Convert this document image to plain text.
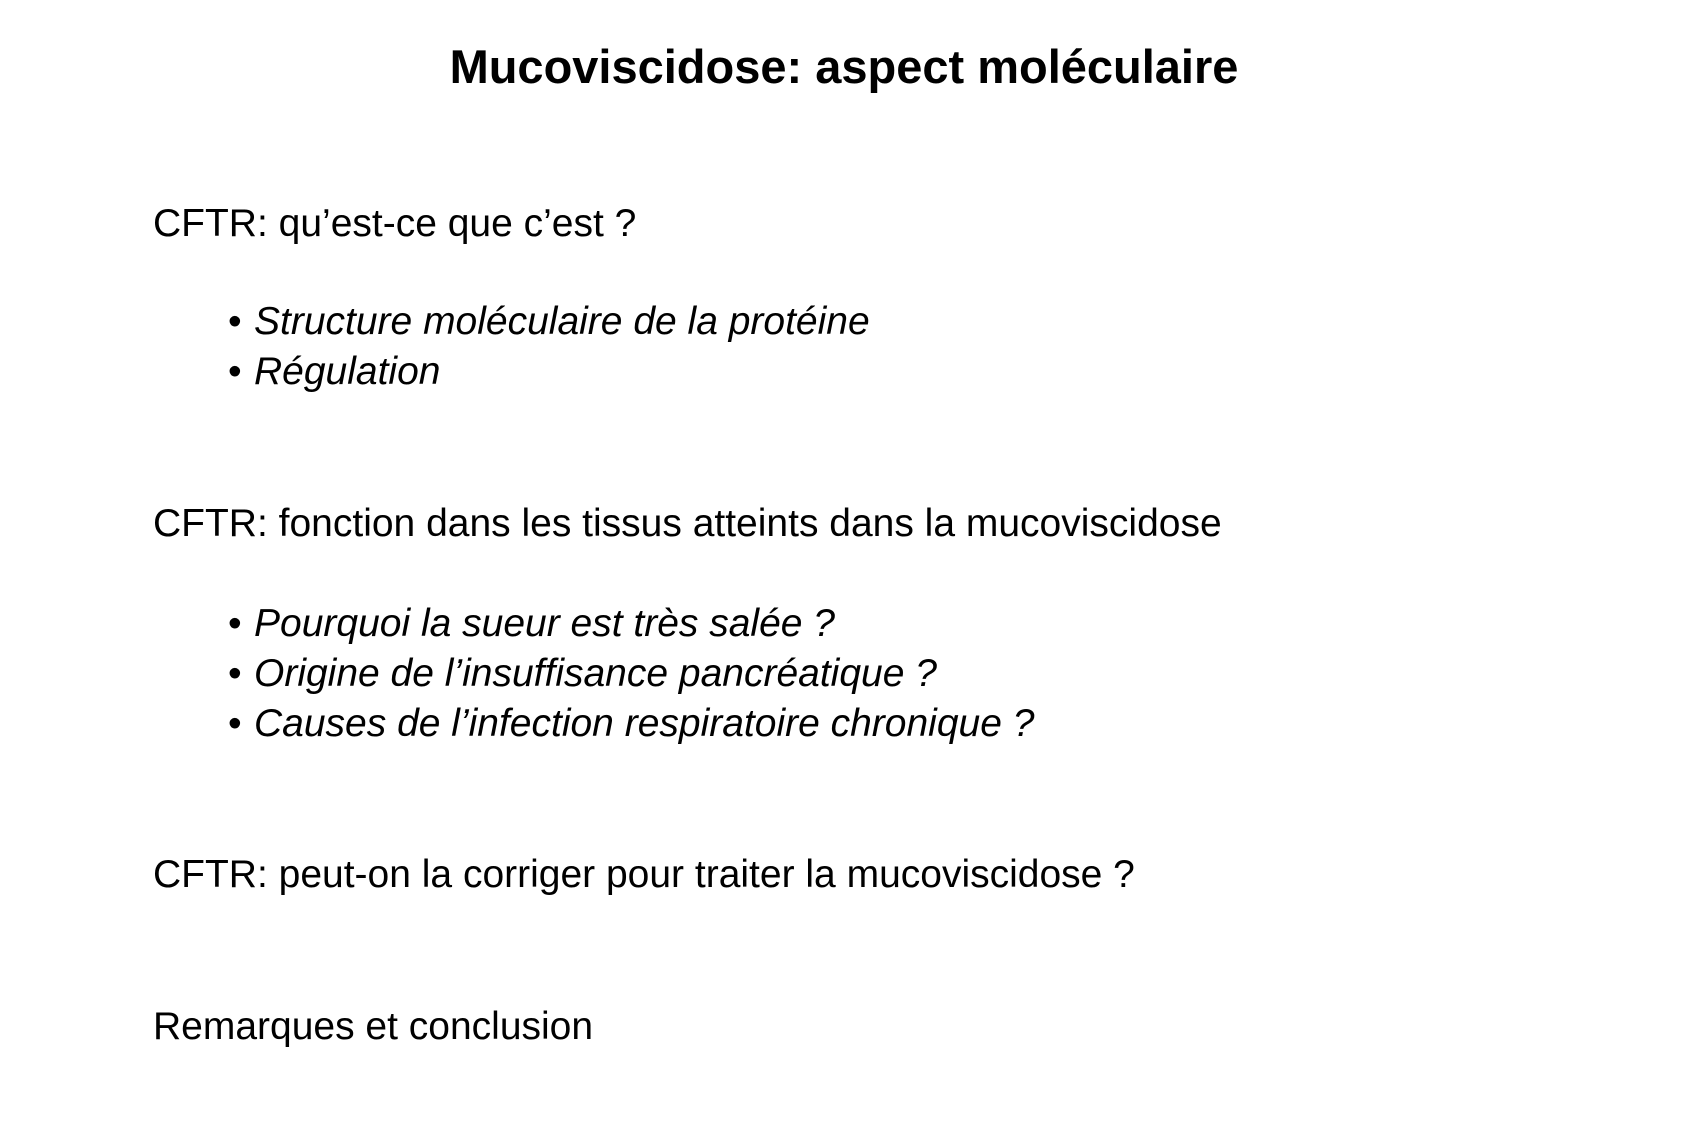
Mucoviscidose: aspect moléculaire
CFTR: qu’est-ce que c’est ?
• Structure moléculaire de la protéine
• Régulation
CFTR: fonction dans les tissus atteints dans la mucoviscidose
• Pourquoi la sueur est très salée ?
• Origine de l’insuffisance pancréatique ?
• Causes de l’infection respiratoire chronique ?
CFTR: peut-on la corriger pour traiter la mucoviscidose ?
Remarques et conclusion
